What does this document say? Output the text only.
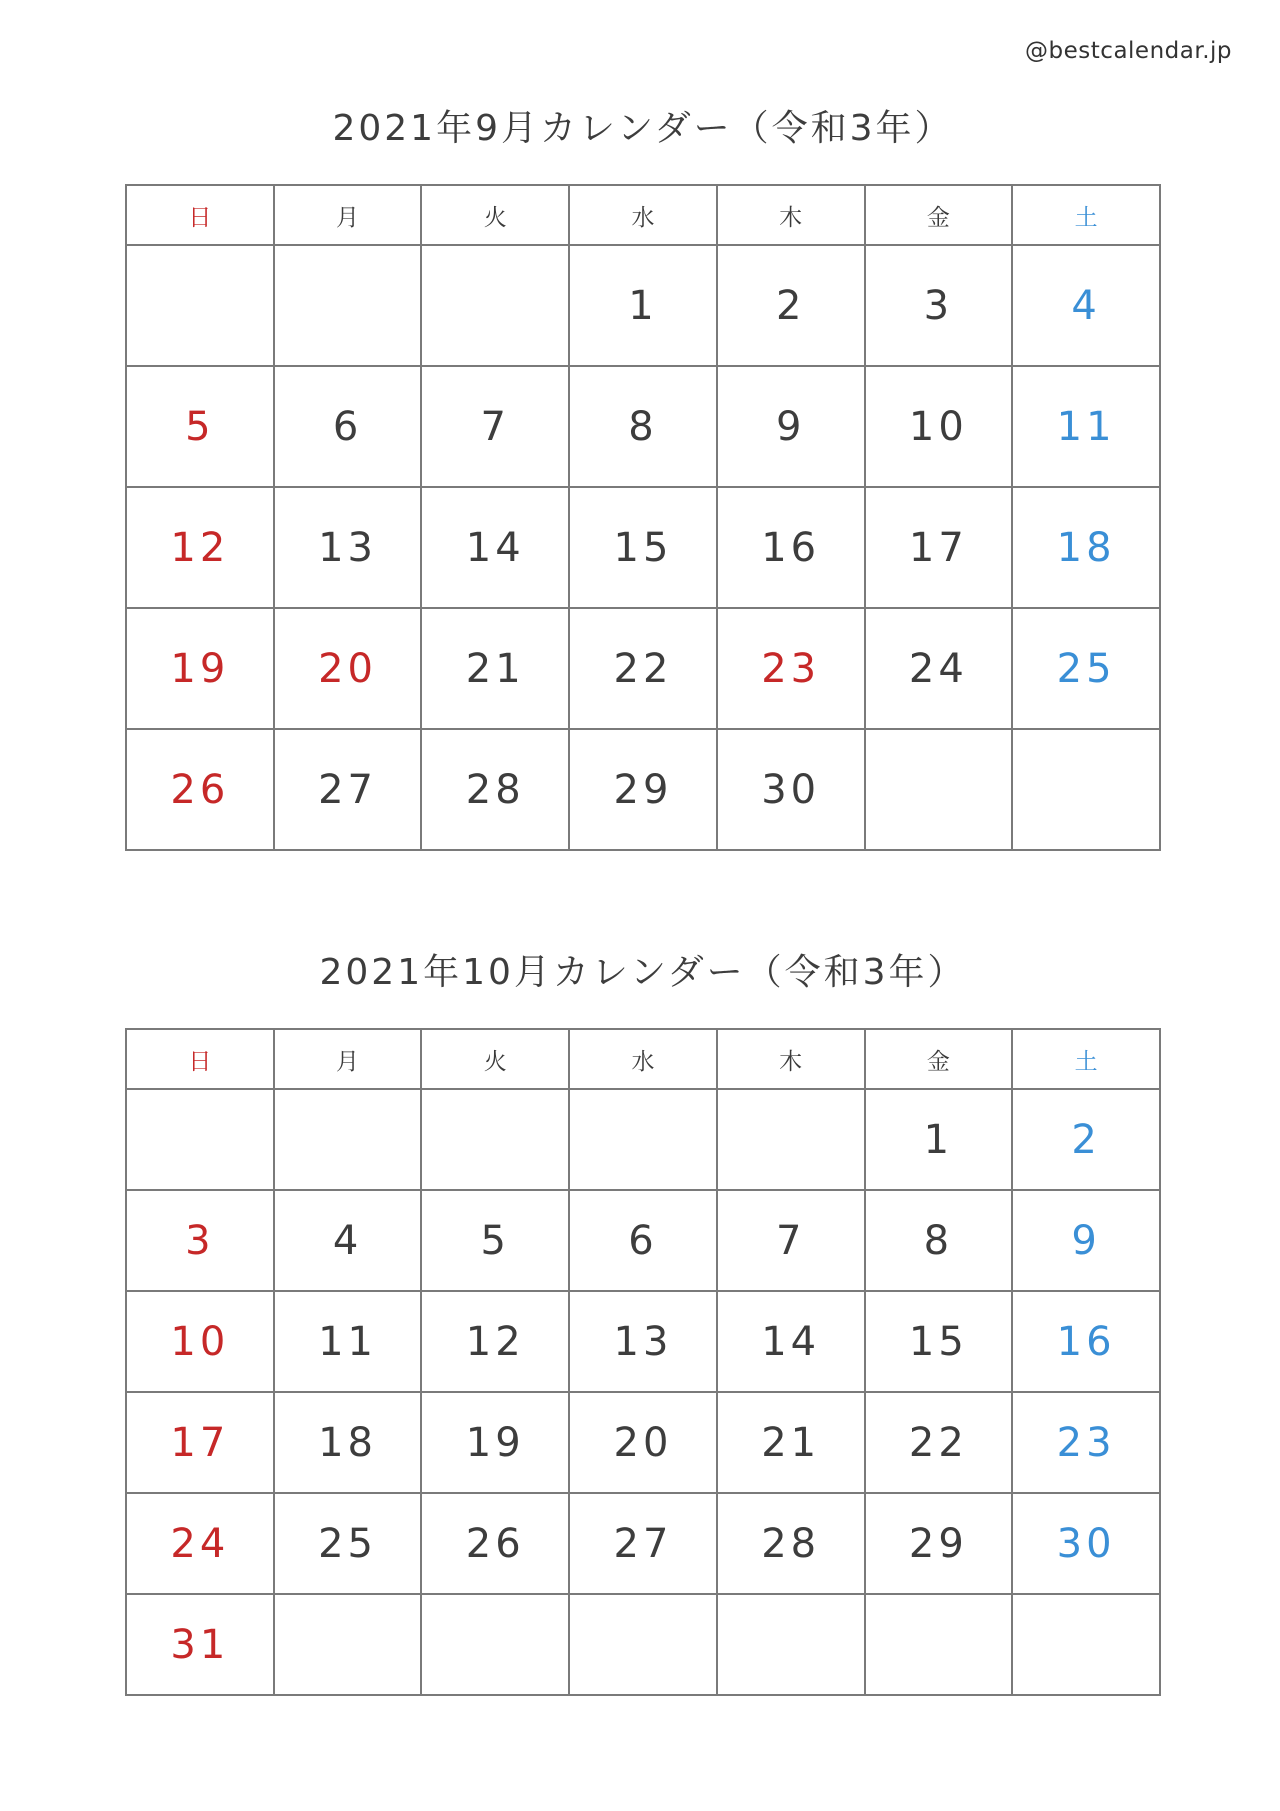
@bestcalendar.jp
2021年9月カレンダー（令和3年）
日	月	火	水	木	金	土
			1	2	3	4
5	6	7	8	9	10	11
12	13	14	15	16	17	18
19	20	21	22	23	24	25
26	27	28	29	30		
2021年10月カレンダー（令和3年）
日	月	火	水	木	金	土
					1	2
3	4	5	6	7	8	9
10	11	12	13	14	15	16
17	18	19	20	21	22	23
24	25	26	27	28	29	30
31						
